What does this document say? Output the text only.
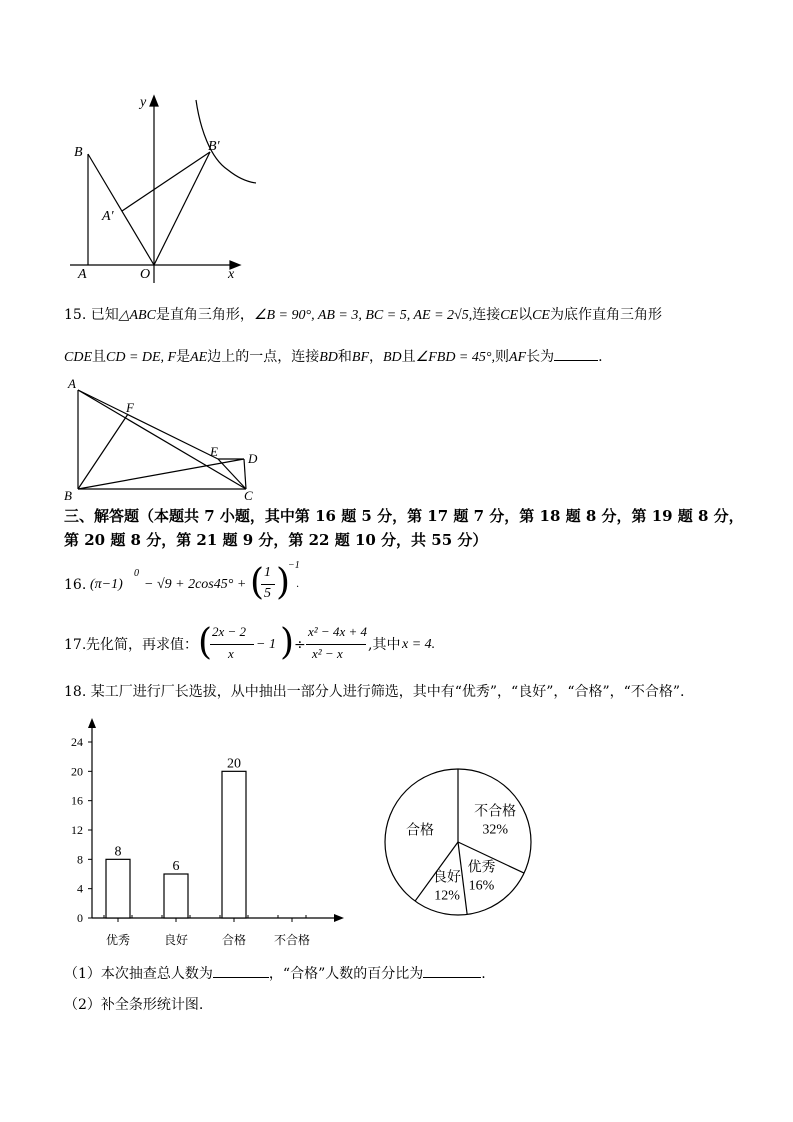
y
x
B	B′
A′
A	O
15. 已知△ABC是直角三角形，∠B = 90°, AB = 3, BC = 5, AE = 2√5,连接CE以CE为底作直角三角形
CDE且CD = DE, F是AE边上的一点，连接BD和BF，BD且∠FBD = 45°,则AF长为	.
A
F
E D
B	C
三、解答题（本题共 7 小题，其中第 16 题 5 分，第 17 题 7 分，第 18 题 8 分，第 19 题 8 分，
第 20 题 8 分，第 21 题 9 分，第 22 题 10 分，共 55 分）
16. (π−1)
0
− √9 + 2cos45° + ( 1
5 )
−1
.
17. 先化简，再求值： ( 2x − 2
x
− 1 ) ÷
x² − 4x + 4
x² − x
,其中 x = 4.
18. 某工厂进行厂长选拔，从中抽出一部分人进行筛选，其中有“优秀”，“良好”，“合格”，“不合格”.
0
4
8
12
16
20
24
8
优秀
6
良好
20
合格 不合格
不合格
32%
优秀
16%
良好
12%
合格
（1）本次抽查总人数为	，“合格”人数的百分比为	.
（2）补全条形统计图.
